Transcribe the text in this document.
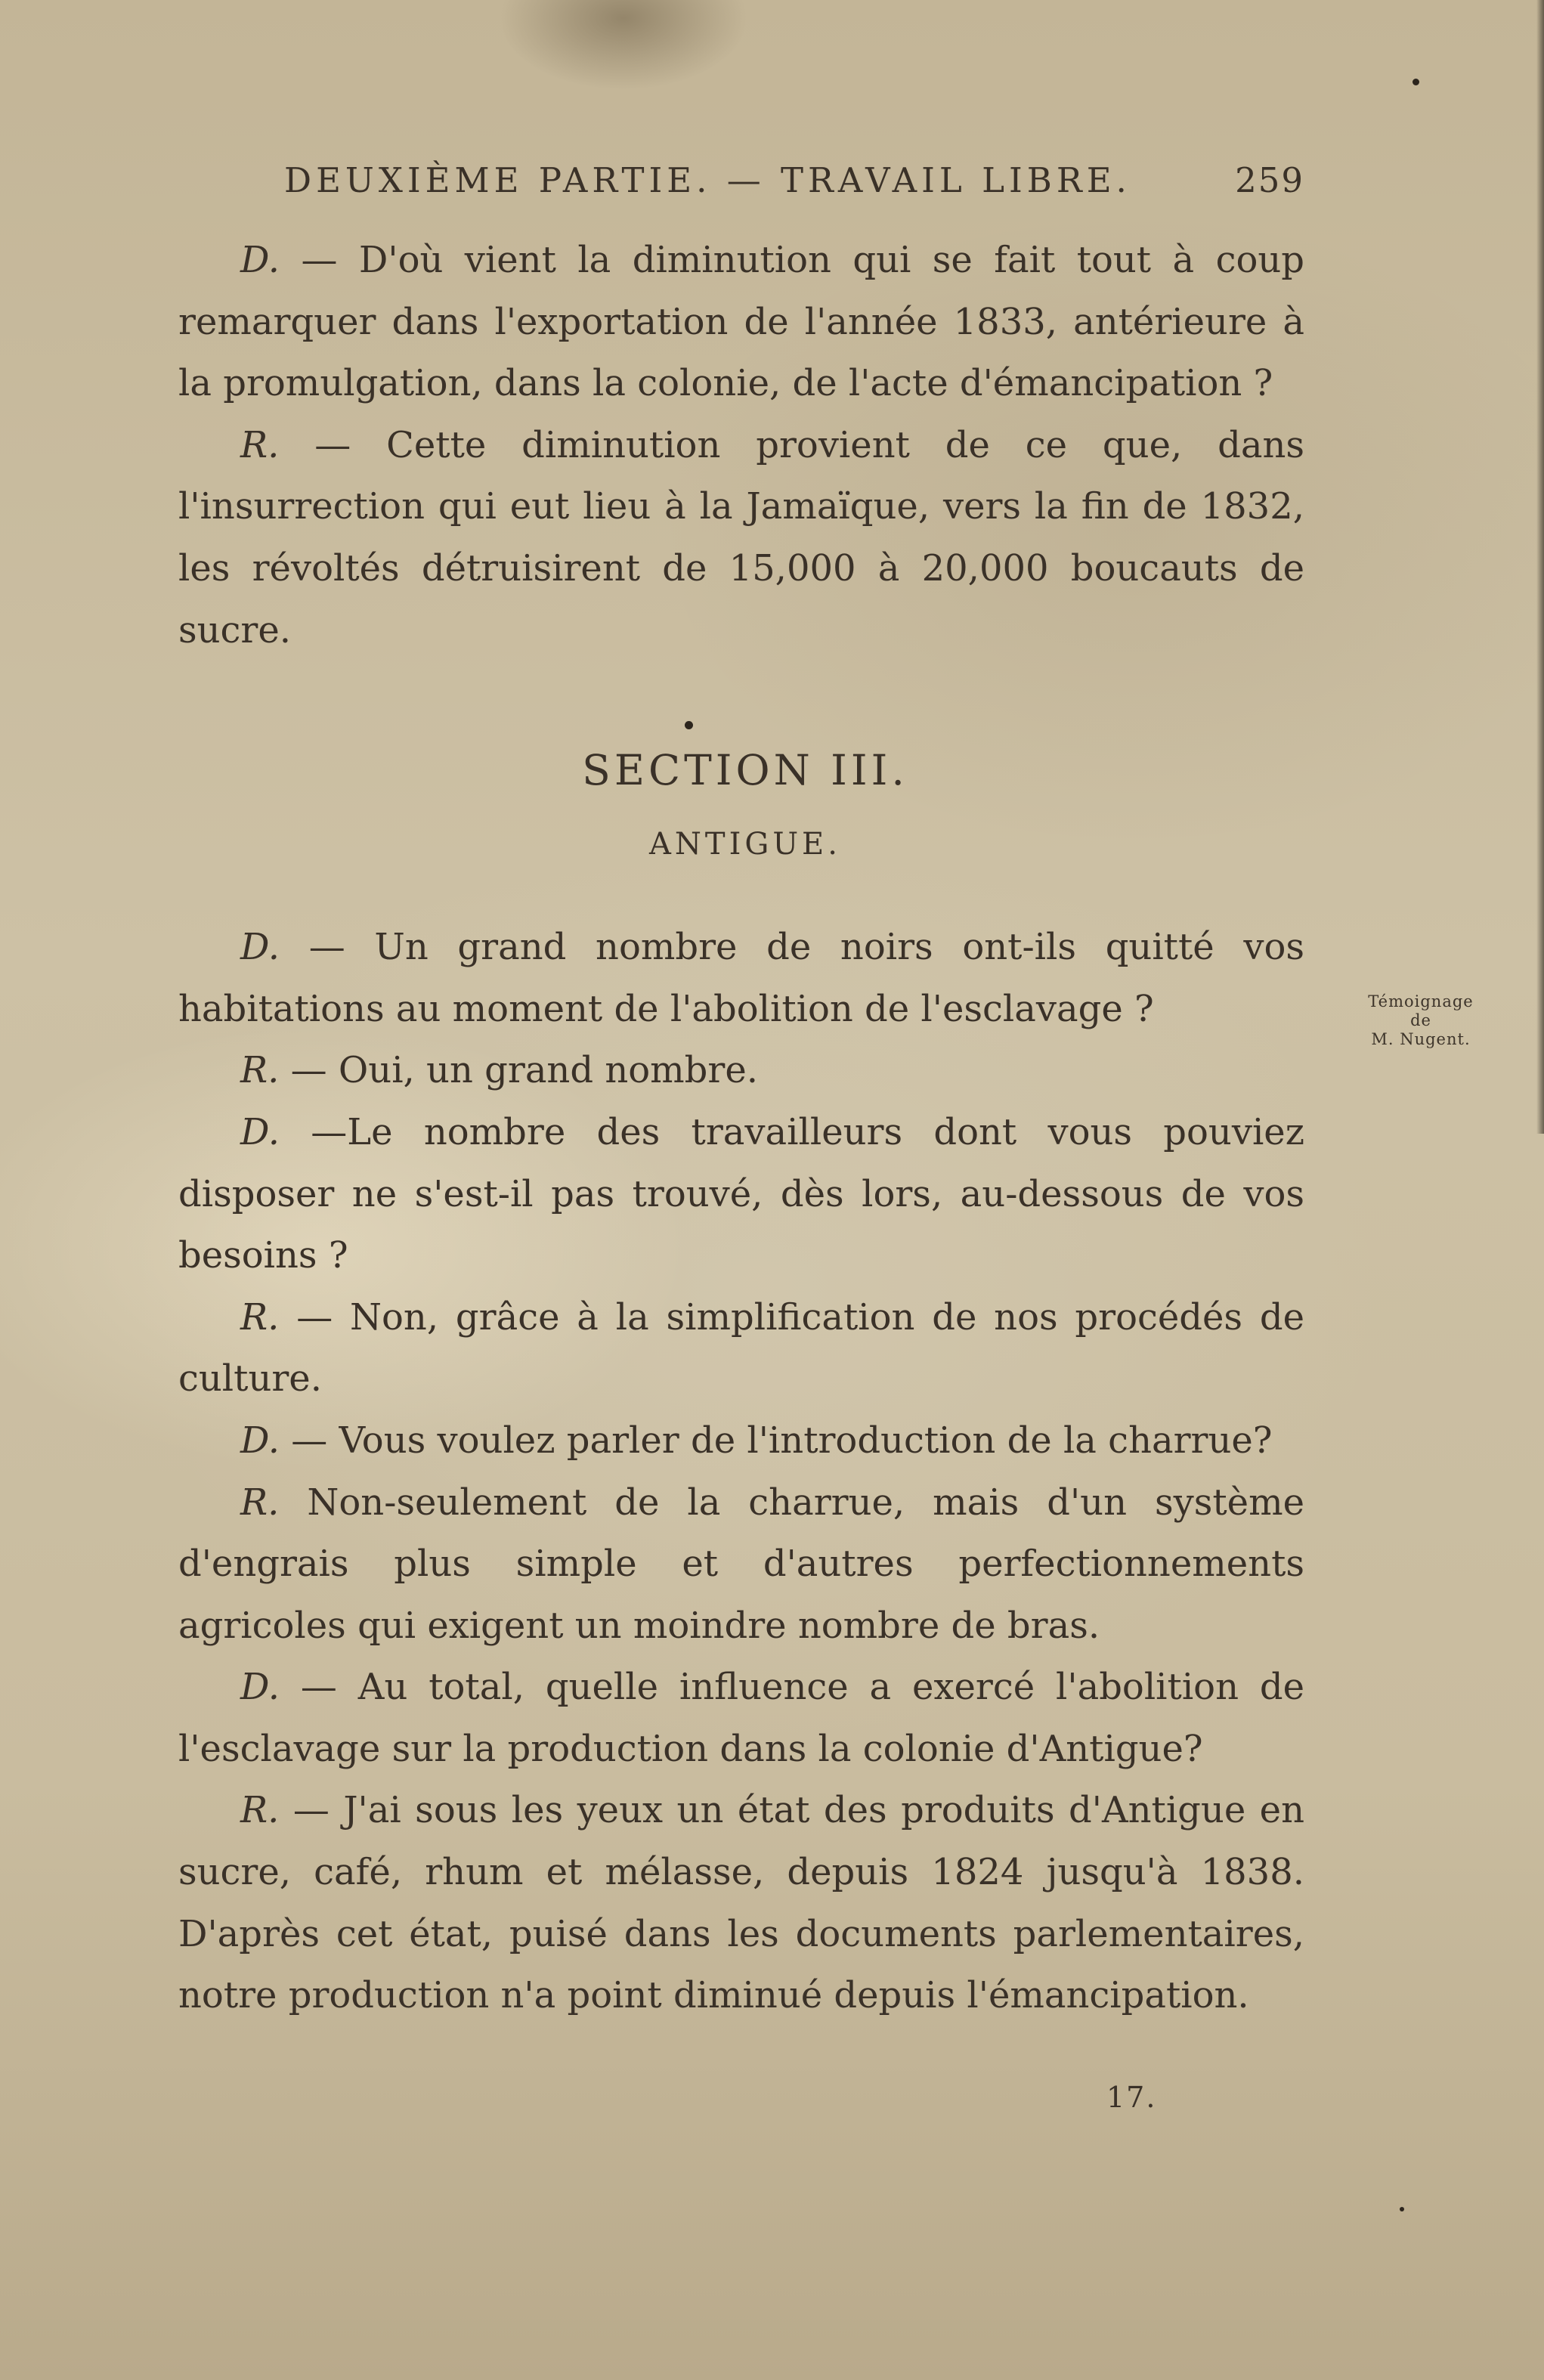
DEUXIÈME PARTIE. — TRAVAIL LIBRE.	259

D. — D'où vient la diminution qui se fait tout à coup remarquer dans l'exportation de l'année 1833, antérieure à la promulgation, dans la colonie, de l'acte d'émancipation ?

R. — Cette diminution provient de ce que, dans l'insurrection qui eut lieu à la Jamaïque, vers la fin de 1832, les révoltés détruisirent de 15,000 à 20,000 boucauts de sucre.

SECTION III.
ANTIGUE.

D. — Un grand nombre de noirs ont-ils quitté vos habitations au moment de l'abolition de l'esclavage ?

R. — Oui, un grand nombre.

D. —Le nombre des travailleurs dont vous pouviez disposer ne s'est-il pas trouvé, dès lors, au-dessous de vos besoins ?

R. — Non, grâce à la simplification de nos procédés de culture.

D. — Vous voulez parler de l'introduction de la charrue?

R. Non-seulement de la charrue, mais d'un système d'engrais plus simple et d'autres perfectionnements agricoles qui exigent un moindre nombre de bras.

D. — Au total, quelle influence a exercé l'abolition de l'esclavage sur la production dans la colonie d'Antigue?

R. — J'ai sous les yeux un état des produits d'Antigue en sucre, café, rhum et mélasse, depuis 1824 jusqu'à 1838. D'après cet état, puisé dans les documents parlementaires, notre production n'a point diminué depuis l'émancipation.

Témoignage
de
M. Nugent.
17.
